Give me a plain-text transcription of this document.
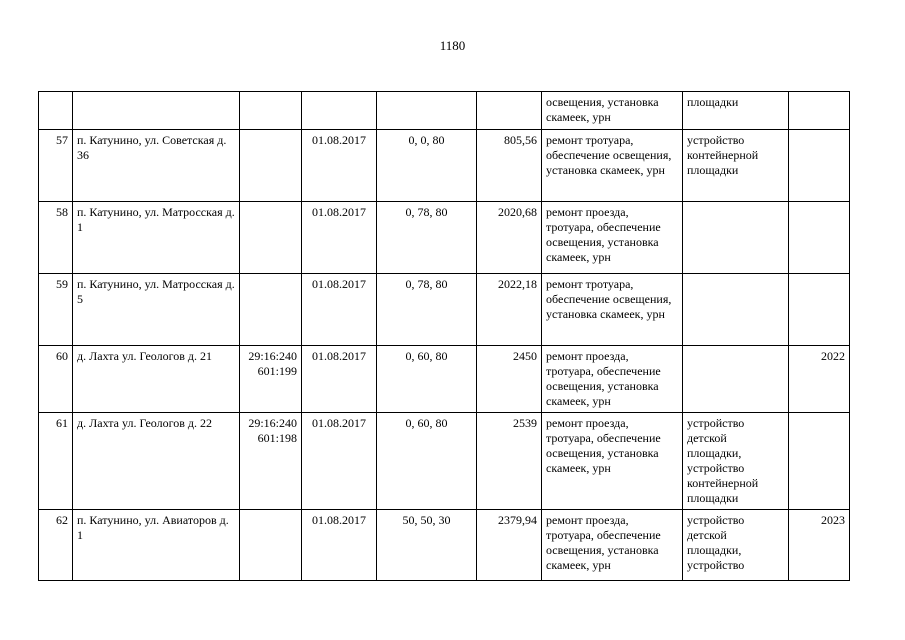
1180
						освещения, установка скамеек, урн	площадки	
57	п. Катунино, ул. Советская д. 36		01.08.2017	0, 0, 80	805,56	ремонт тротуара, обеспечение освещения, установка скамеек, урн	устройство контейнерной площадки	
58	п. Катунино, ул. Матросская д. 1		01.08.2017	0, 78, 80	2020,68	ремонт проезда, тротуара, обеспечение освещения, установка скамеек, урн		
59	п. Катунино, ул. Матросская д. 5		01.08.2017	0, 78, 80	2022,18	ремонт тротуара, обеспечение освещения, установка скамеек, урн		
60	д. Лахта ул. Геологов д. 21	29:16:240 601:199	01.08.2017	0, 60, 80	2450	ремонт проезда, тротуара, обеспечение освещения, установка скамеек, урн		2022
61	д. Лахта ул. Геологов д. 22	29:16:240 601:198	01.08.2017	0, 60, 80	2539	ремонт проезда, тротуара, обеспечение освещения, установка скамеек, урн	устройство детской площадки, устройство контейнерной площадки	
62	п. Катунино, ул. Авиаторов д. 1		01.08.2017	50, 50, 30	2379,94	ремонт проезда, тротуара, обеспечение освещения, установка скамеек, урн	устройство детской площадки, устройство	2023
